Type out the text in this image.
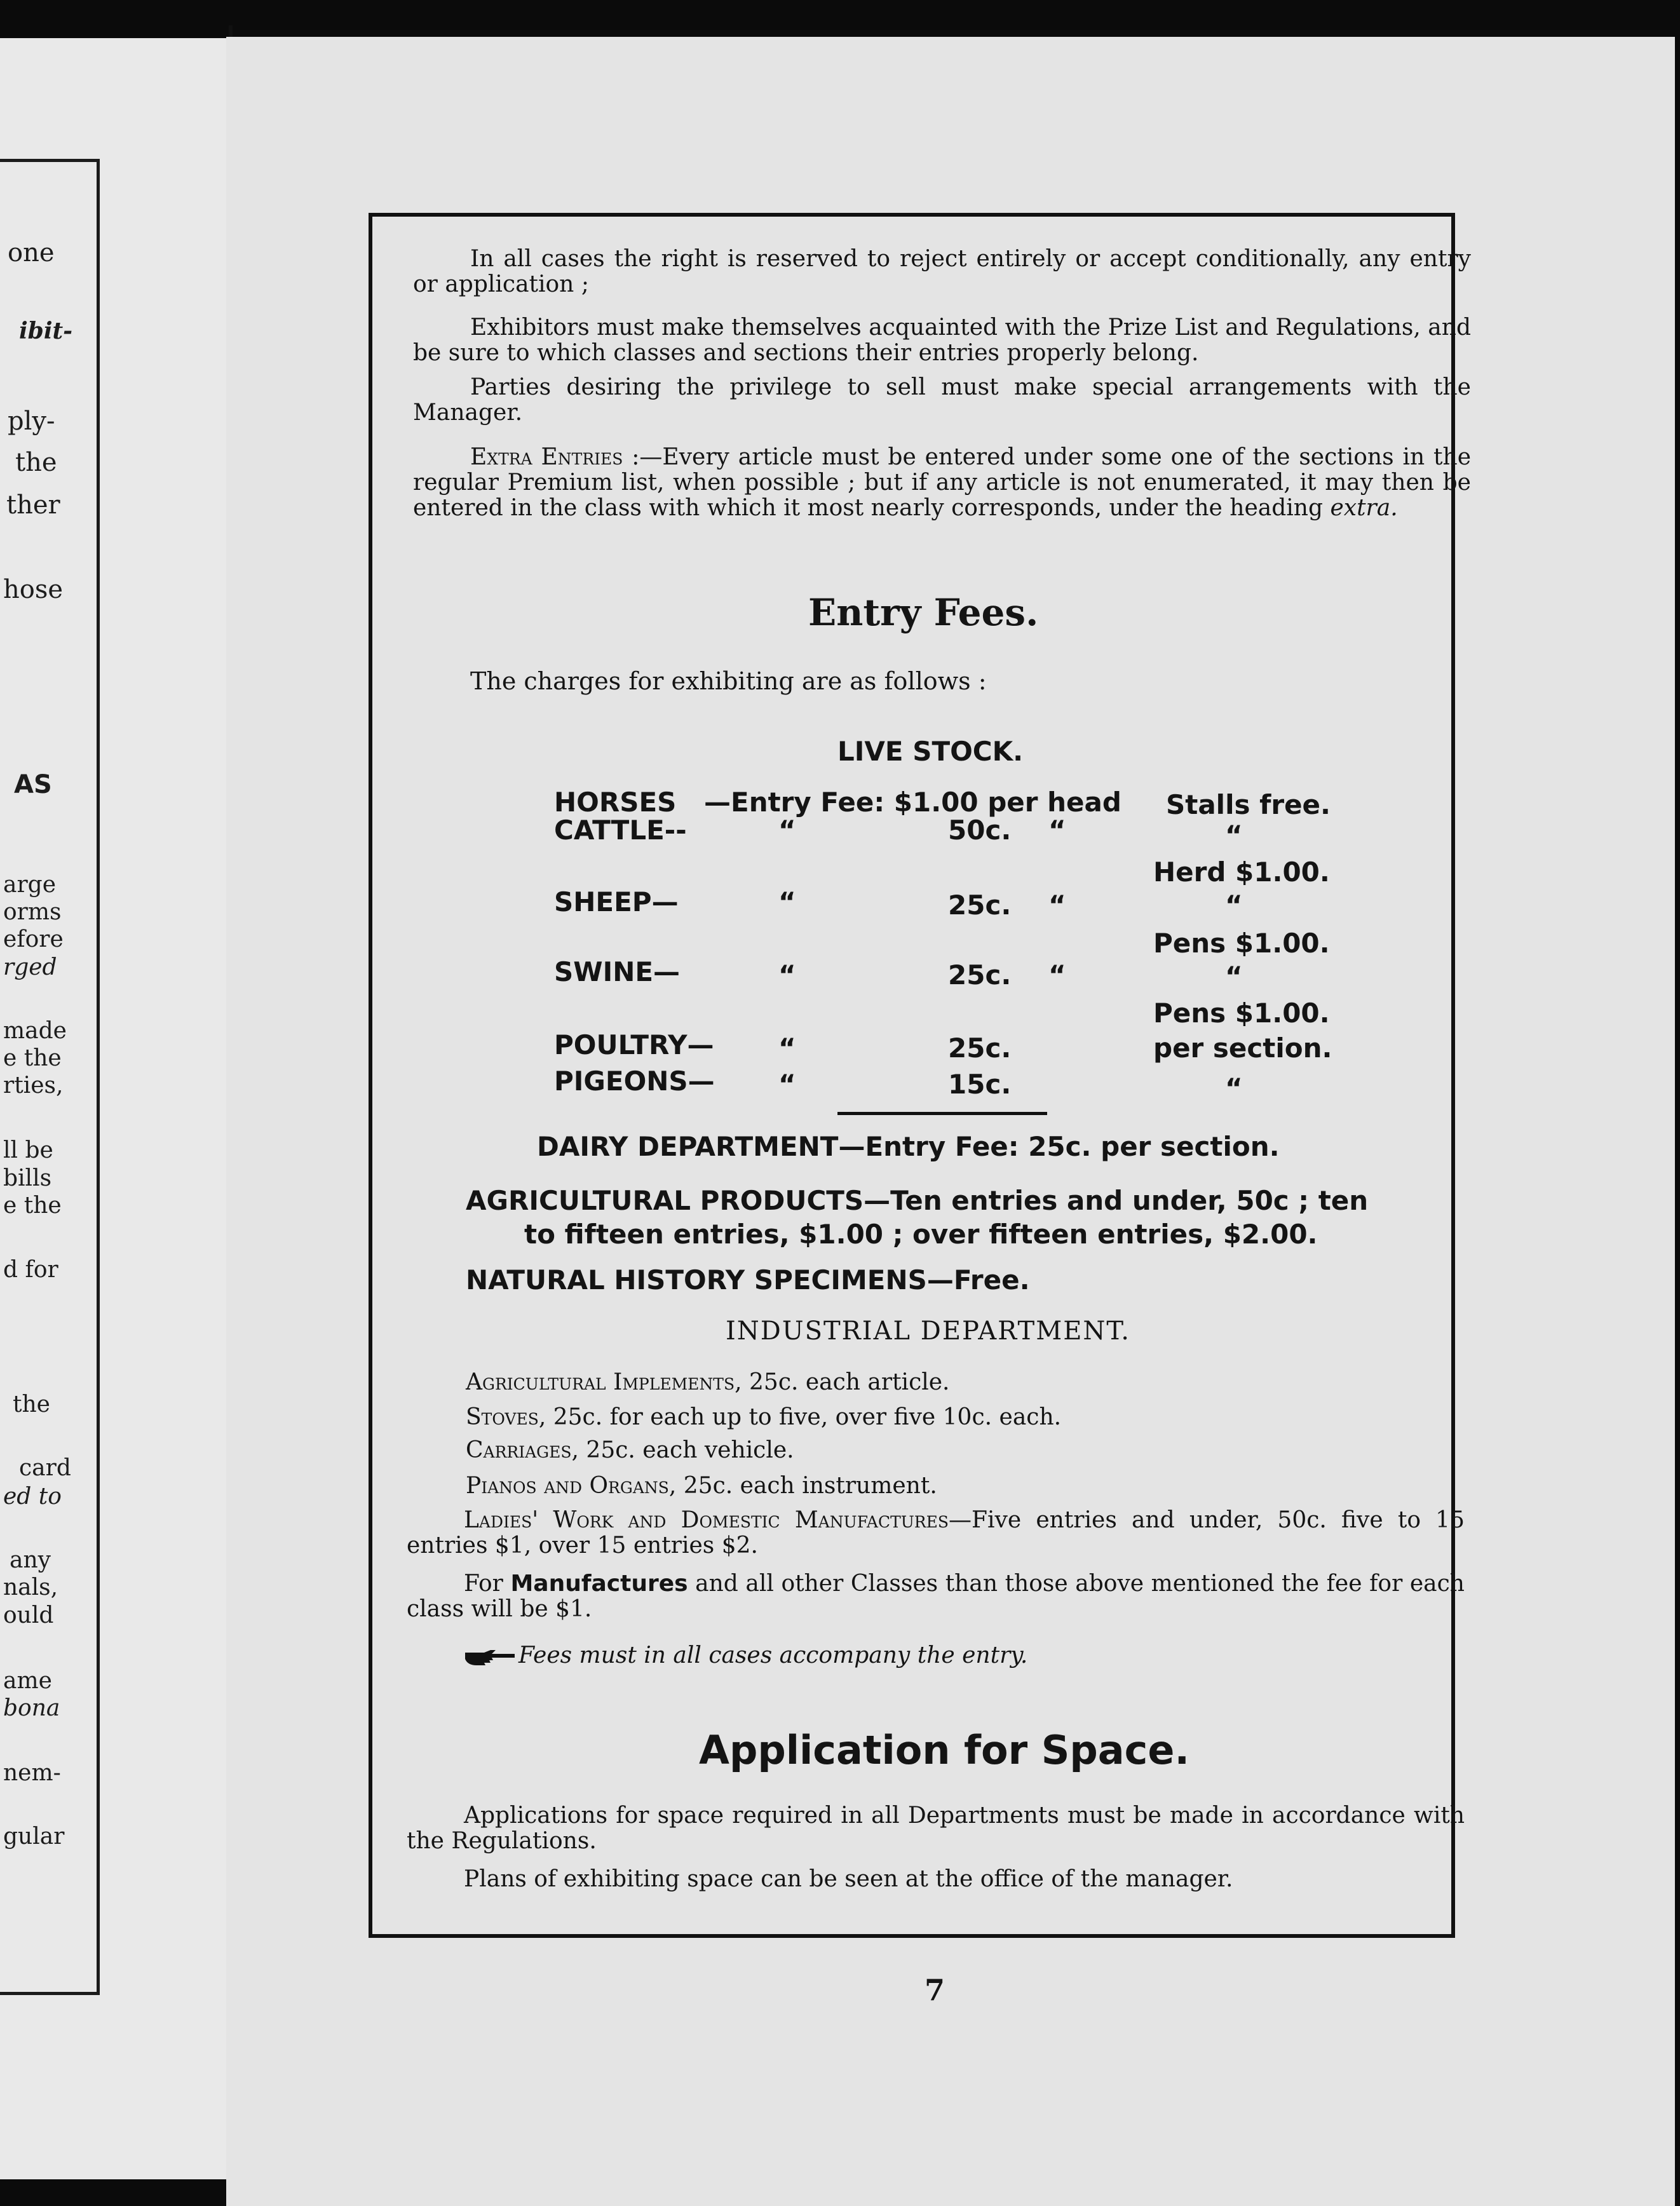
one
ibit-
ply-
the
ther
hose
AS
arge
orms
efore
rged
made
e the
rties,
ll be
bills
e the
d for
the
card
ed to
any
nals,
ould
ame
bona
nem-
gular
In all cases the right is reserved to reject entirely or accept conditionally, any entry or application ;
Exhibitors must make themselves acquainted with the Prize List and Regulations, and be sure to which classes and sections their entries properly belong.
Parties desiring the privilege to sell must make special arrangements with the Manager.
Extra Entries :—Every article must be entered under some one of the sections in the regular Premium list, when possible ; but if any article is not enumerated, it may then be entered in the class with which it most nearly corresponds, under the heading extra.
Entry Fees.
The charges for exhibiting are as follows :
LIVE STOCK.
HORSES —Entry Fee: $1.00 per head Stalls free.
CATTLE--	“	50c. “	“
Herd $1.00.
SHEEP—	“	25c. “	“
Pens $1.00.
SWINE—	“	25c. “	“
Pens $1.00.
POULTRY— “	25c.	per section.
PIGEONS— “	15c.	“
DAIRY DEPARTMENT—Entry Fee: 25c. per section.
AGRICULTURAL PRODUCTS—Ten entries and under, 50c ; ten
to fifteen entries, $1.00 ; over fifteen entries, $2.00.
NATURAL HISTORY SPECIMENS—Free.
INDUSTRIAL DEPARTMENT.
Agricultural Implements, 25c. each article.
Stoves, 25c. for each up to five, over five 10c. each.
Carriages, 25c. each vehicle.
Pianos and Organs, 25c. each instrument.
Ladies' Work and Domestic Manufactures—Five entries and under, 50c. five to 15 entries $1, over 15 entries $2.
For Manufactures and all other Classes than those above mentioned the fee for each class will be $1.
Fees must in all cases accompany the entry.
Application for Space.
Applications for space required in all Departments must be made in accordance with the Regulations.
Plans of exhibiting space can be seen at the office of the manager.
7
